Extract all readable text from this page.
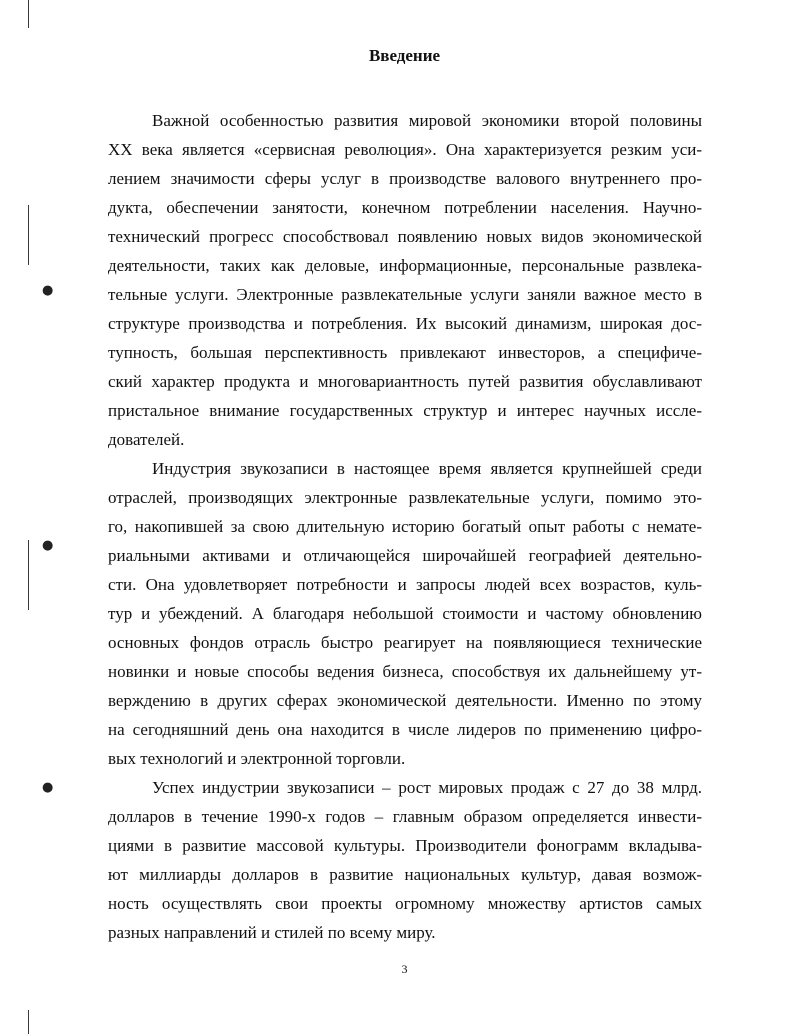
●
●
●
Введение
Важной особенностью развития мировой экономики второй половины
XX века является «сервисная революция». Она характеризуется резким уси-
лением значимости сферы услуг в производстве валового внутреннего про-
дукта, обеспечении занятости, конечном потреблении населения. Научно-
технический прогресс способствовал появлению новых видов экономической
деятельности, таких как деловые, информационные, персональные развлека-
тельные услуги. Электронные развлекательные услуги заняли важное место в
структуре производства и потребления. Их высокий динамизм, широкая дос-
тупность, большая перспективность привлекают инвесторов, а специфиче-
ский характер продукта и многовариантность путей развития обуславливают
пристальное внимание государственных структур и интерес научных иссле-
дователей.
Индустрия звукозаписи в настоящее время является крупнейшей среди
отраслей, производящих электронные развлекательные услуги, помимо это-
го, накопившей за свою длительную историю богатый опыт работы с немате-
риальными активами и отличающейся широчайшей географией деятельно-
сти. Она удовлетворяет потребности и запросы людей всех возрастов, куль-
тур и убеждений. А благодаря небольшой стоимости и частому обновлению
основных фондов отрасль быстро реагирует на появляющиеся технические
новинки и новые способы ведения бизнеса, способствуя их дальнейшему ут-
верждению в других сферах экономической деятельности. Именно по этому
на сегодняшний день она находится в числе лидеров по применению цифро-
вых технологий и электронной торговли.
Успех индустрии звукозаписи – рост мировых продаж с 27 до 38 млрд.
долларов в течение 1990-х годов – главным образом определяется инвести-
циями в развитие массовой культуры. Производители фонограмм вкладыва-
ют миллиарды долларов в развитие национальных культур, давая возмож-
ность осуществлять свои проекты огромному множеству артистов самых
разных направлений и стилей по всему миру.
3
